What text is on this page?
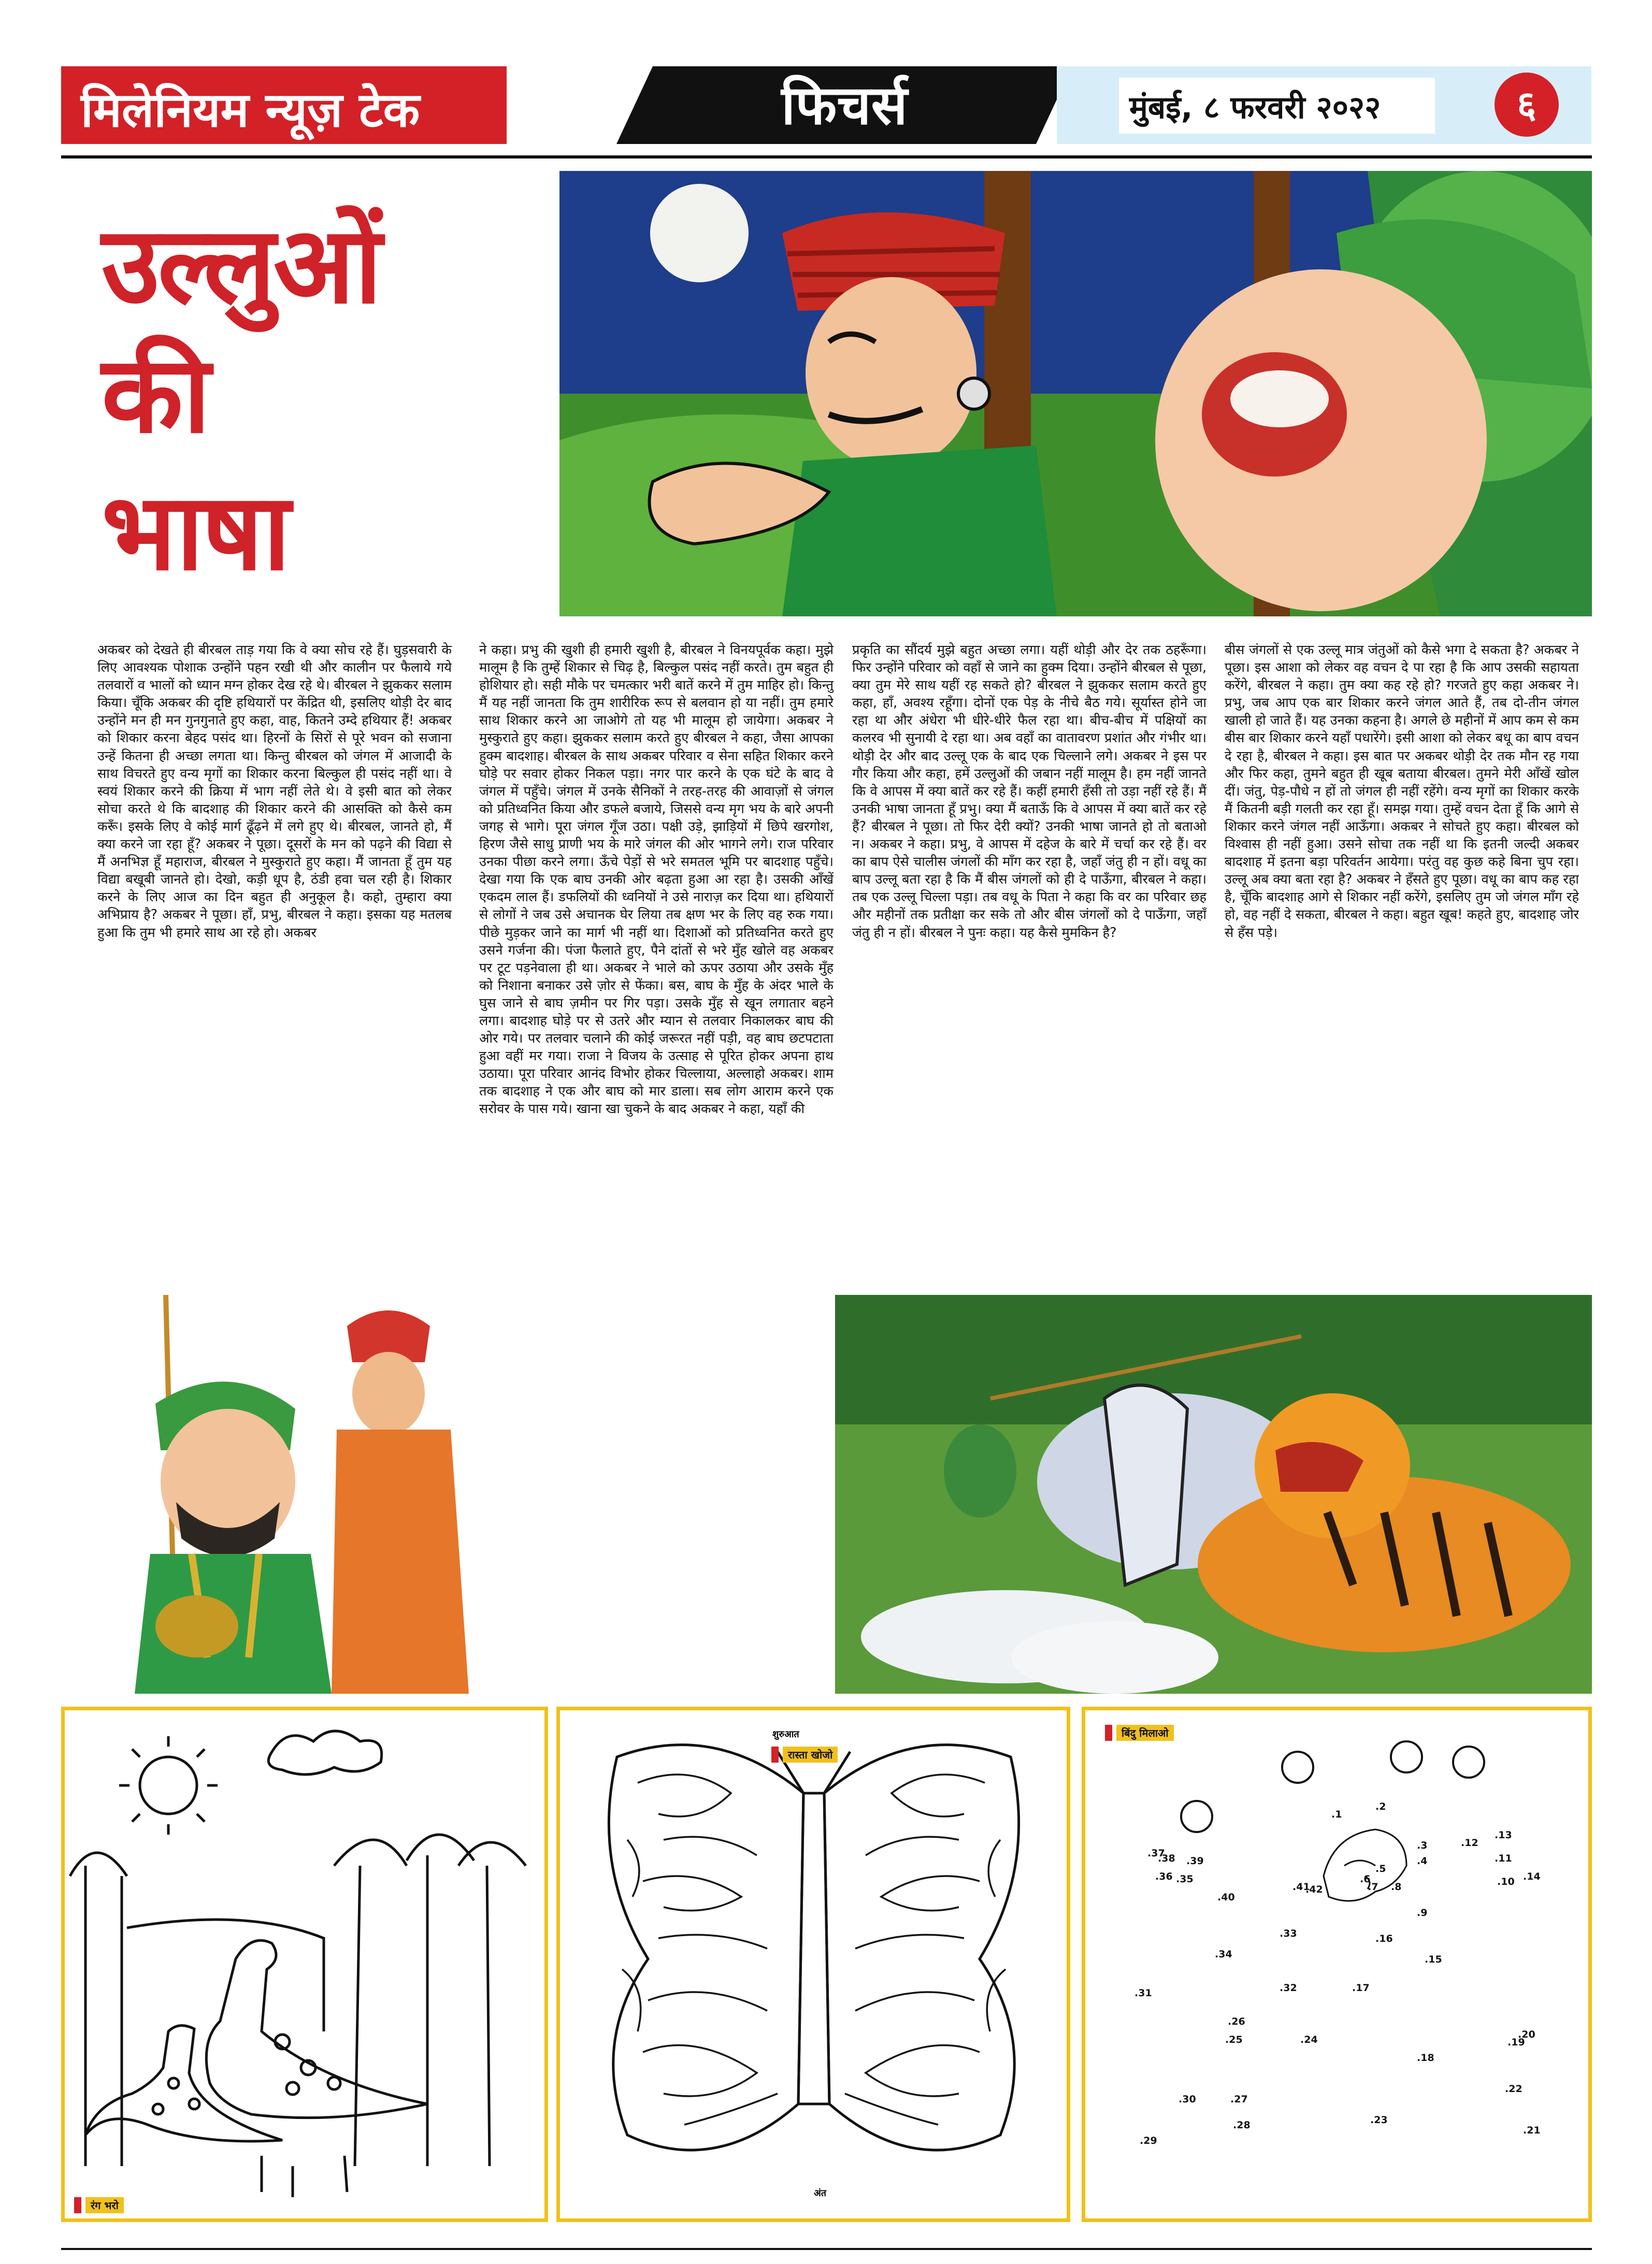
मिलेनियम न्यूज़ टेक	फिचर्स	मुंबई, ८ फरवरी २०२२	६
उल्लुओं
की
भाषा

अकबर को देखते ही बीरबल ताड़ गया कि वे क्या सोच रहे हैं। घुड़सवारी के लिए आवश्यक पोशाक उन्होंने पहन रखी थी और कालीन पर फैलाये गये तलवारों व भालों को ध्यान मग्न होकर देख रहे थे। बीरबल ने झुककर सलाम किया। चूँकि अकबर की दृष्टि हथियारों पर केंद्रित थी, इसलिए थोड़ी देर बाद उन्होंने मन ही मन गुनगुनाते हुए कहा, वाह, कितने उम्दे हथियार हैं! अकबर को शिकार करना बेहद पसंद था। हिरनों के सिरों से पूरे भवन को सजाना उन्हें कितना ही अच्छा लगता था। किन्तु बीरबल को जंगल में आजादी के साथ विचरते हुए वन्य मृगों का शिकार करना बिल्कुल ही पसंद नहीं था। वे स्वयं शिकार करने की क्रिया में भाग नहीं लेते थे। वे इसी बात को लेकर सोचा करते थे कि बादशाह की शिकार करने की आसक्ति को कैसे कम करूँ। इसके लिए वे कोई मार्ग ढूँढ़ने में लगे हुए थे। बीरबल, जानते हो, मैं क्या करने जा रहा हूँ? अकबर ने पूछा। दूसरों के मन को पढ़ने की विद्या से मैं अनभिज्ञ हूँ महाराज, बीरबल ने मुस्कुराते हुए कहा। मैं जानता हूँ तुम यह विद्या बखूबी जानते हो। देखो, कड़ी धूप है, ठंडी हवा चल रही है। शिकार करने के लिए आज का दिन बहुत ही अनुकूल है। कहो, तुम्हारा क्या अभिप्राय है? अकबर ने पूछा। हाँ, प्रभु, बीरबल ने कहा। इसका यह मतलब हुआ कि तुम भी हमारे साथ आ रहे हो। अकबर

ने कहा। प्रभु की खुशी ही हमारी खुशी है, बीरबल ने विनयपूर्वक कहा। मुझे मालूम है कि तुम्हें शिकार से चिढ़ है, बिल्कुल पसंद नहीं करते। तुम बहुत ही होशियार हो। सही मौके पर चमत्कार भरी बातें करने में तुम माहिर हो। किन्तु मैं यह नहीं जानता कि तुम शारीरिक रूप से बलवान हो या नहीं। तुम हमारे साथ शिकार करने आ जाओगे तो यह भी मालूम हो जायेगा। अकबर ने मुस्कुराते हुए कहा। झुककर सलाम करते हुए बीरबल ने कहा, जैसा आपका हुक्म बादशाह। बीरबल के साथ अकबर परिवार व सेना सहित शिकार करने घोड़े पर सवार होकर निकल पड़ा। नगर पार करने के एक घंटे के बाद वे जंगल में पहुँचे। जंगल में उनके सैनिकों ने तरह-तरह की आवाज़ों से जंगल को प्रतिध्वनित किया और डफले बजाये, जिससे वन्य मृग भय के बारे अपनी जगह से भागे। पूरा जंगल गूँज उठा। पक्षी उड़े, झाड़ियों में छिपे खरगोश, हिरण जैसे साधु प्राणी भय के मारे जंगल की ओर भागने लगे। राज परिवार उनका पीछा करने लगा। ऊँचे पेड़ों से भरे समतल भूमि पर बादशाह पहुँचे। देखा गया कि एक बाघ उनकी ओर बढ़ता हुआ आ रहा है। उसकी आँखें एकदम लाल हैं। डफलियों की ध्वनियों ने उसे नाराज़ कर दिया था। हथियारों से लोगों ने जब उसे अचानक घेर लिया तब क्षण भर के लिए वह रुक गया। पीछे मुड़कर जाने का मार्ग भी नहीं था। दिशाओं को प्रतिध्वनित करते हुए उसने गर्जना की। पंजा फैलाते हुए, पैने दांतों से भरे मुँह खोले वह अकबर पर टूट पड़नेवाला ही था। अकबर ने भाले को ऊपर उठाया और उसके मुँह को निशाना बनाकर उसे ज़ोर से फेंका। बस, बाघ के मुँह के अंदर भाले के घुस जाने से बाघ ज़मीन पर गिर पड़ा। उसके मुँह से खून लगातार बहने लगा। बादशाह घोड़े पर से उतरे और म्यान से तलवार निकालकर बाघ की ओर गये। पर तलवार चलाने की कोई जरूरत नहीं पड़ी, वह बाघ छटपटाता हुआ वहीं मर गया। राजा ने विजय के उत्साह से पूरित होकर अपना हाथ उठाया। पूरा परिवार आनंद विभोर होकर चिल्लाया, अल्लाहो अकबर। शाम तक बादशाह ने एक और बाघ को मार डाला। सब लोग आराम करने एक सरोवर के पास गये। खाना खा चुकने के बाद अकबर ने कहा, यहाँ की

प्रकृति का सौंदर्य मुझे बहुत अच्छा लगा। यहीं थोड़ी और देर तक ठहरूँगा। फिर उन्होंने परिवार को वहाँ से जाने का हुक्म दिया। उन्होंने बीरबल से पूछा, क्या तुम मेरे साथ यहीं रह सकते हो? बीरबल ने झुककर सलाम करते हुए कहा, हाँ, अवश्य रहूँगा। दोनों एक पेड़ के नीचे बैठ गये। सूर्यास्त होने जा रहा था और अंधेरा भी धीरे-धीरे फैल रहा था। बीच-बीच में पक्षियों का कलरव भी सुनायी दे रहा था। अब वहाँ का वातावरण प्रशांत और गंभीर था। थोड़ी देर और बाद उल्लू एक के बाद एक चिल्लाने लगे। अकबर ने इस पर गौर किया और कहा, हमें उल्लुओं की जबान नहीं मालूम है। हम नहीं जानते कि वे आपस में क्या बातें कर रहे हैं। कहीं हमारी हँसी तो उड़ा नहीं रहे हैं। मैं उनकी भाषा जानता हूँ प्रभु। क्या मैं बताऊँ कि वे आपस में क्या बातें कर रहे हैं? बीरबल ने पूछा। तो फिर देरी क्यों? उनकी भाषा जानते हो तो बताओ न। अकबर ने कहा। प्रभु, वे आपस में दहेज के बारे में चर्चा कर रहे हैं। वर का बाप ऐसे चालीस जंगलों की माँग कर रहा है, जहाँ जंतु ही न हों। वधू का बाप उल्लू बता रहा है कि मैं बीस जंगलों को ही दे पाऊँगा, बीरबल ने कहा। तब एक उल्लू चिल्ला पड़ा। तब वधू के पिता ने कहा कि वर का परिवार छह और महीनों तक प्रतीक्षा कर सके तो और बीस जंगलों को दे पाऊँगा, जहाँ जंतु ही न हों। बीरबल ने पुनः कहा। यह कैसे मुमकिन है?

बीस जंगलों से एक उल्लू मात्र जंतुओं को कैसे भगा दे सकता है? अकबर ने पूछा। इस आशा को लेकर वह वचन दे पा रहा है कि आप उसकी सहायता करेंगे, बीरबल ने कहा। तुम क्या कह रहे हो? गरजते हुए कहा अकबर ने। प्रभु, जब आप एक बार शिकार करने जंगल आते हैं, तब दो-तीन जंगल खाली हो जाते हैं। यह उनका कहना है। अगले छे महीनों में आप कम से कम बीस बार शिकार करने यहाँ पधारेंगे। इसी आशा को लेकर बधू का बाप वचन दे रहा है, बीरबल ने कहा। इस बात पर अकबर थोड़ी देर तक मौन रह गया और फिर कहा, तुमने बहुत ही खूब बताया बीरबल। तुमने मेरी आँखें खोल दीं। जंतु, पेड़-पौधे न हों तो जंगल ही नहीं रहेंगे। वन्य मृगों का शिकार करके मैं कितनी बड़ी गलती कर रहा हूँ। समझ गया। तुम्हें वचन देता हूँ कि आगे से शिकार करने जंगल नहीं आऊँगा। अकबर ने सोचते हुए कहा। बीरबल को विश्वास ही नहीं हुआ। उसने सोचा तक नहीं था कि इतनी जल्दी अकबर बादशाह में इतना बड़ा परिवर्तन आयेगा। परंतु वह कुछ कहे बिना चुप रहा। उल्लू अब क्या बता रहा है? अकबर ने हँसते हुए पूछा। वधू का बाप कह रहा है, चूँकि बादशाह आगे से शिकार नहीं करेंगे, इसलिए तुम जो जंगल माँग रहे हो, वह नहीं दे सकता, बीरबल ने कहा। बहुत खूब! कहते हुए, बादशाह जोर से हँस पड़े।

रंग भरो
शुरुआत
अंत
रास्ता खोजो
बिंदु मिलाओ
.1
.2
.3
.4
.5
.6
.7 .8
.9
.10
.11
.12
.13
.14
.15
.16
.17
.18
.19
.20
.21
.22
.23
.24
.25
.26
.27
.28
.29
.30
.31	.32
.33
.34
.35
.36
.37
.38 .39
.40
.41
.42
